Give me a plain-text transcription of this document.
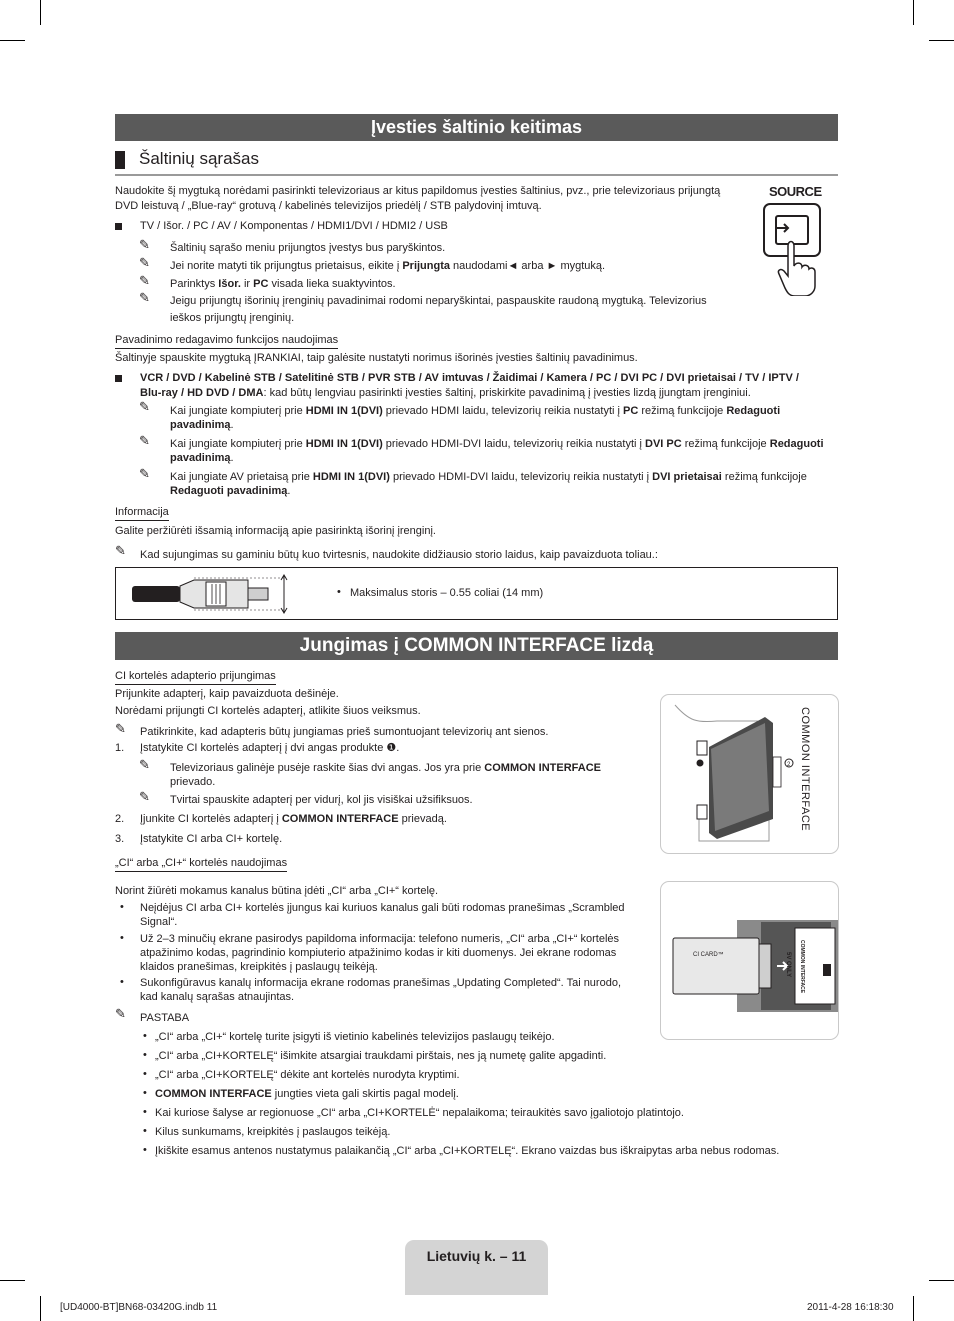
Įvesties šaltinio keitimas
Šaltinių sąrašas
Naudokite šį mygtuką norėdami pasirinkti televizoriaus ar kitus papildomus įvesties šaltinius, pvz., prie televizoriaus prijungtą
DVD leistuvą / „Blue-ray“ grotuvą / kabelinės televizijos priedėlį / STB palydovinį imtuvą.
SOURCE
TV / Išor. / PC / AV / Komponentas / HDMI1/DVI / HDMI2 / USB
✎ Šaltinių sąrašo meniu prijungtos įvestys bus paryškintos.
✎ Jei norite matyti tik prijungtus prietaisus, eikite į Prijungta naudodami◄ arba ► mygtuką.
✎ Parinktys Išor. ir PC visada lieka suaktyvintos.
✎ Jeigu prijungtų išorinių įrenginių pavadinimai rodomi neparyškintai, paspauskite raudoną mygtuką. Televizorius
ieškos prijungtų įrenginių.
Pavadinimo redagavimo funkcijos naudojimas
Šaltinyje spauskite mygtuką ĮRANKIAI, taip galėsite nustatyti norimus išorinės įvesties šaltinių pavadinimus.
VCR / DVD / Kabelinė STB / Satelitinė STB / PVR STB / AV imtuvas / Žaidimai / Kamera / PC / DVI PC / DVI prietaisai / TV / IPTV /
Blu-ray / HD DVD / DMA: kad būtų lengviau pasirinkti įvesties šaltinį, priskirkite pavadinimą į įvesties lizdą įjungtam įrenginiui.
✎ Kai jungiate kompiuterį prie HDMI IN 1(DVI) prievado HDMI laidu, televizorių reikia nustatyti į PC režimą funkcijoje Redaguoti
pavadinimą.
✎ Kai jungiate kompiuterį prie HDMI IN 1(DVI) prievado HDMI-DVI laidu, televizorių reikia nustatyti į DVI PC režimą funkcijoje Redaguoti
pavadinimą.
✎ Kai jungiate AV prietaisą prie HDMI IN 1(DVI) prievado HDMI-DVI laidu, televizorių reikia nustatyti į DVI prietaisai režimą funkcijoje
Redaguoti pavadinimą.
Informacija
Galite peržiūrėti išsamią informaciją apie pasirinktą išorinį įrenginį.
✎ Kad sujungimas su gaminiu būtų kuo tvirtesnis, naudokite didžiausio storio laidus, kaip pavaizduota toliau.:
• Maksimalus storis – 0.55 coliai (14 mm)
Jungimas į COMMON INTERFACE lizdą
CI kortelės adapterio prijungimas
Prijunkite adapterį, kaip pavaizduota dešinėje.
Norėdami prijungti CI kortelės adapterį, atlikite šiuos veiksmus.
✎ Patikrinkite, kad adapteris būtų jungiamas prieš sumontuojant televizorių ant sienos.
1. Įstatykite CI kortelės adapterį į dvi angas produkte ❶.
✎ Televizoriaus galinėje pusėje raskite šias dvi angas. Jos yra prie COMMON INTERFACE
prievado.
✎ Tvirtai spauskite adapterį per vidurį, kol jis visiškai užsifiksuos.
2. Įjunkite CI kortelės adapterį į COMMON INTERFACE prievadą.
3. Įstatykite CI arba CI+ kortelę.
2 COMMON INTERFACE
„CI“ arba „CI+“ kortelės naudojimas
Norint žiūrėti mokamus kanalus būtina įdėti „CI“ arba „CI+“ kortelę.
• Neįdėjus CI arba CI+ kortelės įjungus kai kuriuos kanalus gali būti rodomas pranešimas „Scrambled
Signal“.
• Už 2–3 minučių ekrane pasirodys papildoma informacija: telefono numeris, „CI“ arba „CI+“ kortelės
atpažinimo kodas, pagrindinio kompiuterio atpažinimo kodas ir kiti duomenys. Jei ekrane rodomas
klaidos pranešimas, kreipkitės į paslaugų teikėją.
• Sukonfigūravus kanalų informacija ekrane rodomas pranešimas „Updating Completed“. Tai nurodo,
kad kanalų sąrašas atnaujintas.
✎ PASTABA
• „CI“ arba „CI+“ kortelę turite įsigyti iš vietinio kabelinės televizijos paslaugų teikėjo.
• „CI“ arba „CI+KORTELĘ“ išimkite atsargiai traukdami pirštais, nes ją numetę galite apgadinti.
• „CI“ arba „CI+KORTELĘ“ dėkite ant kortelės nurodyta kryptimi.
• COMMON INTERFACE jungties vieta gali skirtis pagal modelį.
• Kai kuriose šalyse ar regionuose „CI“ arba „CI+KORTELĖ“ nepalaikoma; teiraukitės savo įgaliotojo platintojo.
• Kilus sunkumams, kreipkitės į paslaugos teikėją.
• Įkiškite esamus antenos nustatymus palaikančią „CI“ arba „CI+KORTELĘ“. Ekrano vaizdas bus iškraipytas arba nebus rodomas.
CI CARD™	COMMON INTERFACE
5V ONLY
Lietuvių k. – 11
[UD4000-BT]BN68-03420G.indb 11	2011-4-28 16:18:30
